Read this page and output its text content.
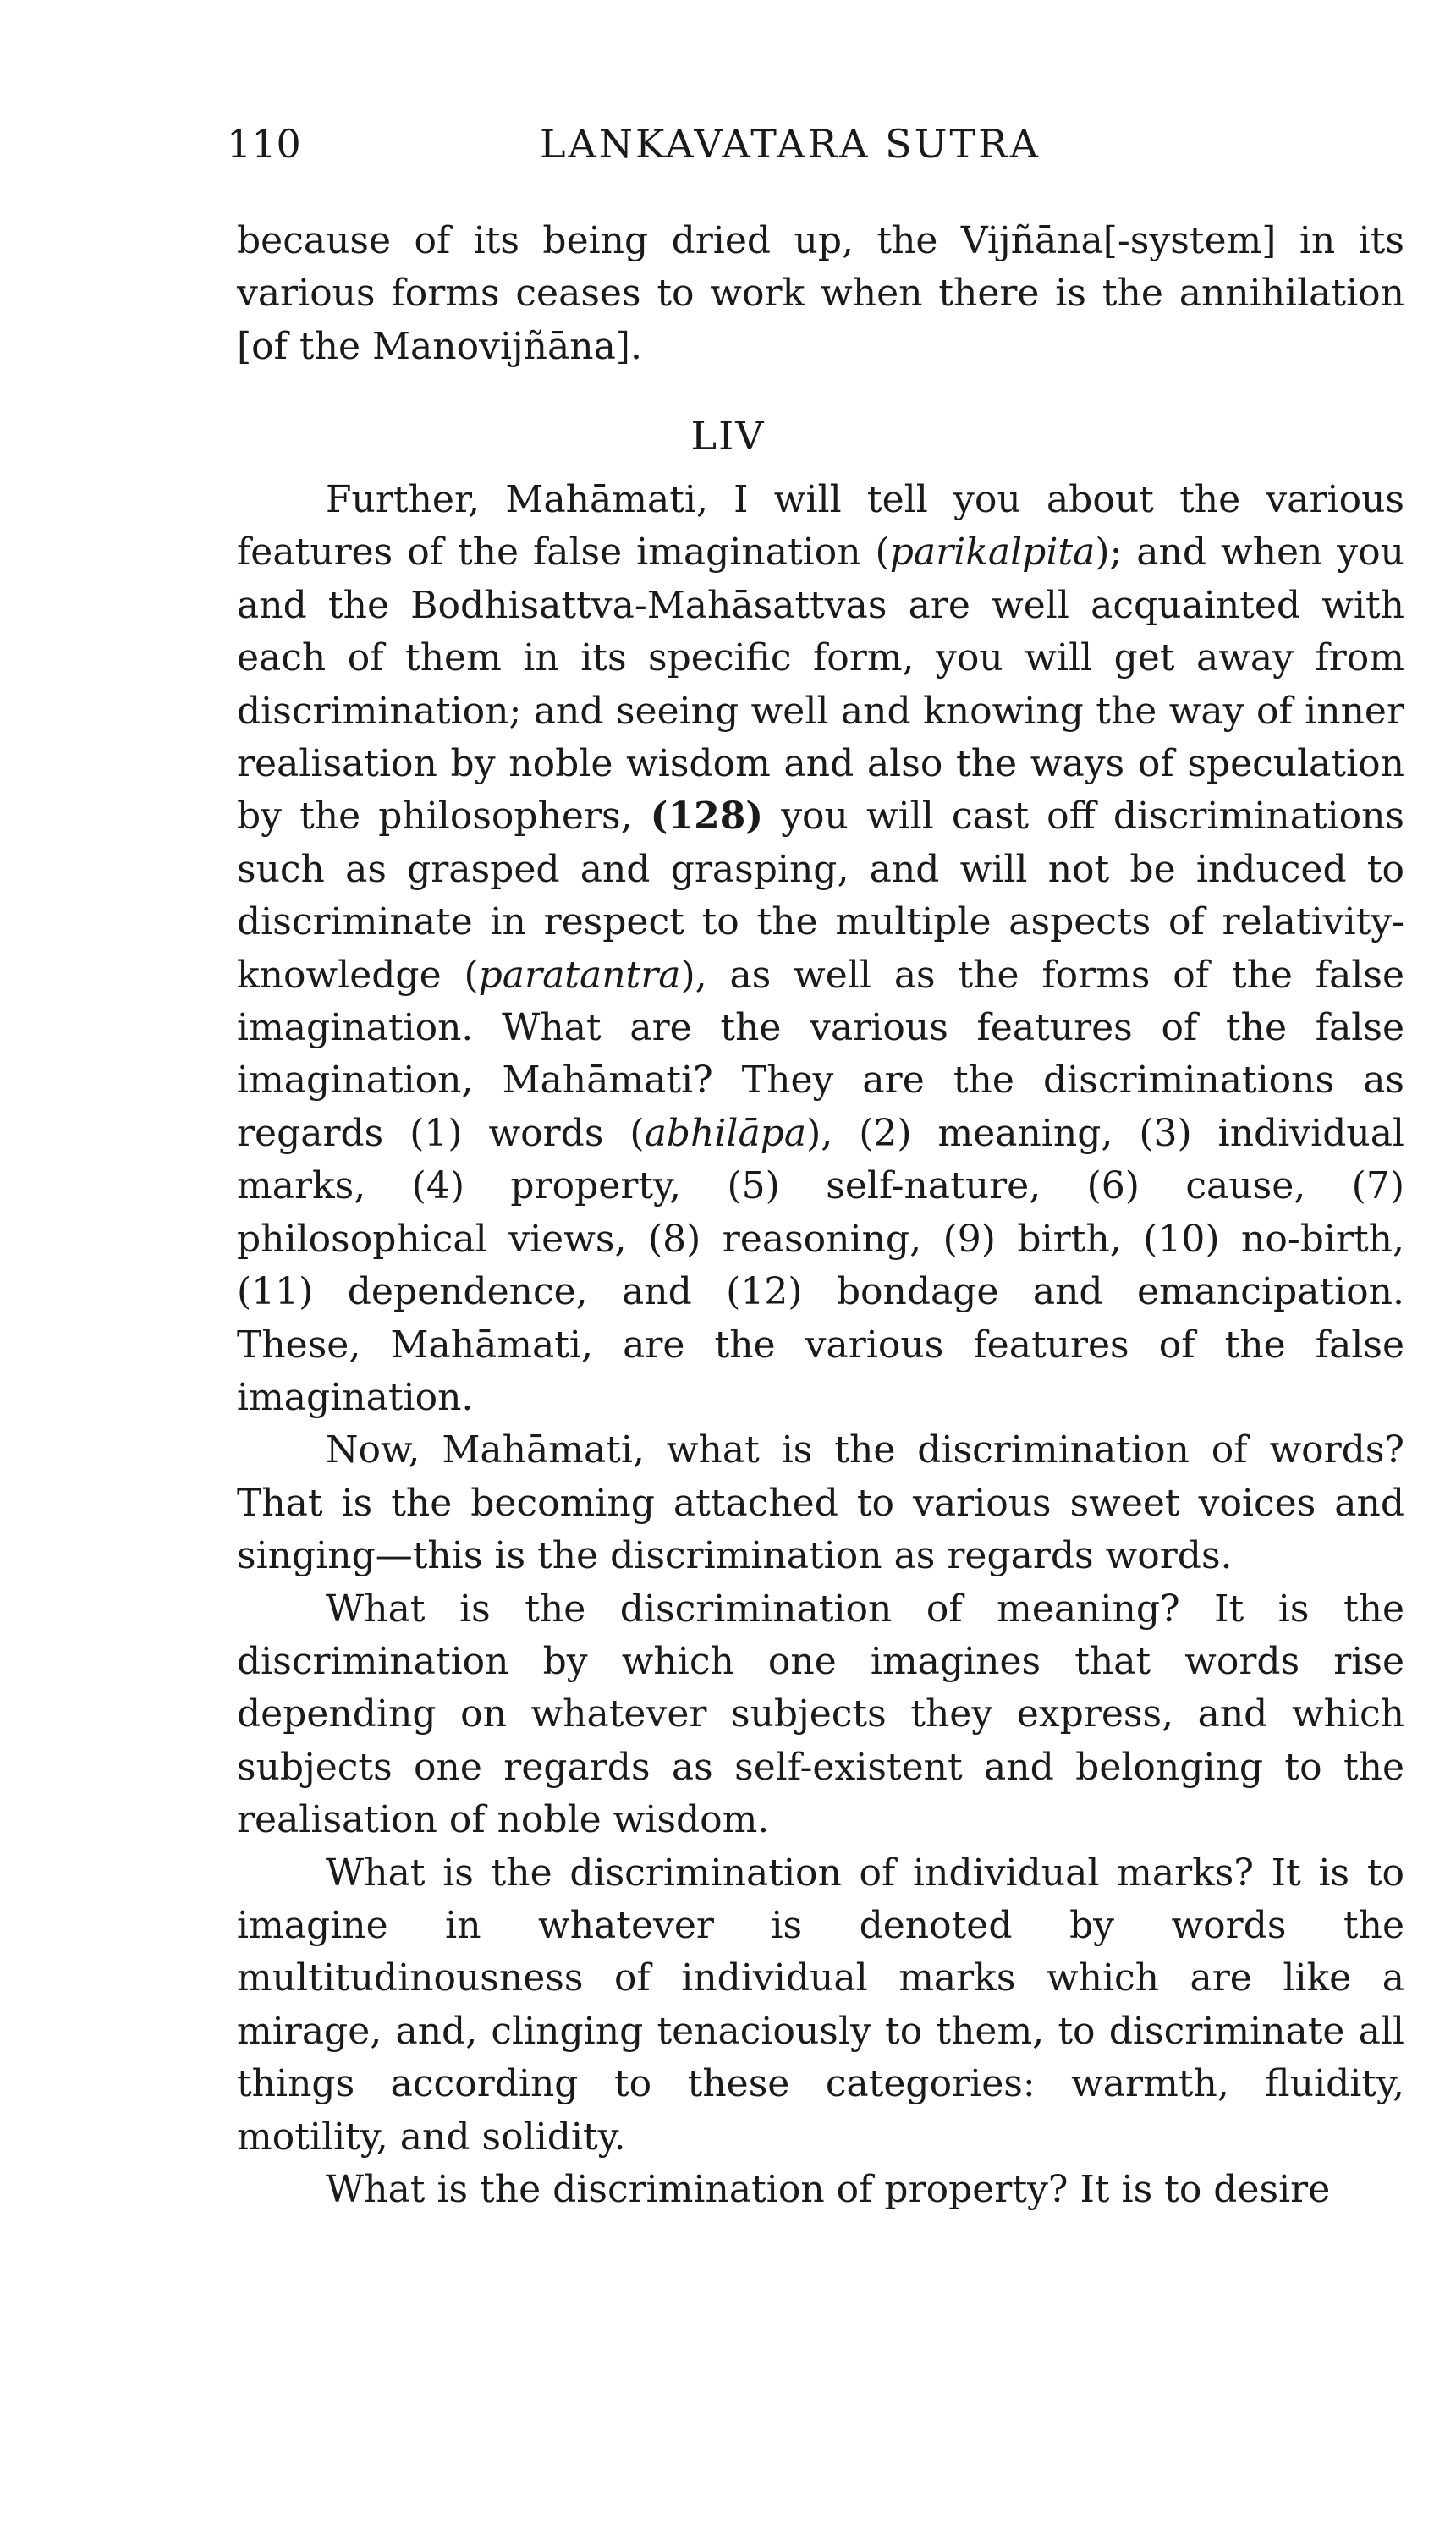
110	LANKAVATARA SUTRA

because of its being dried up, the Vijñāna[-system] in its various forms ceases to work when there is the annihilation [of the Manovijñāna].

LIV

Further, Mahāmati, I will tell you about the various features of the false imagination (parikalpita); and when you and the Bodhisattva-Mahāsattvas are well acquainted with each of them in its specific form, you will get away from discrimination; and seeing well and knowing the way of inner realisation by noble wisdom and also the ways of speculation by the philosophers, (128) you will cast off discriminations such as grasped and grasping, and will not be induced to discriminate in respect to the multiple aspects of relativity-knowledge (paratantra), as well as the forms of the false imagination. What are the various features of the false imagination, Mahāmati? They are the discriminations as regards (1) words (abhilāpa), (2) meaning, (3) individual marks, (4) property, (5) self-nature, (6) cause, (7) philosophical views, (8) reasoning, (9) birth, (10) no-birth, (11) dependence, and (12) bondage and emancipation. These, Mahāmati, are the various features of the false imagination.

Now, Mahāmati, what is the discrimination of words? That is the becoming attached to various sweet voices and singing—this is the discrimination as regards words.

What is the discrimination of meaning? It is the discrimination by which one imagines that words rise depending on whatever subjects they express, and which subjects one regards as self-existent and belonging to the realisation of noble wisdom.

What is the discrimination of individual marks? It is to imagine in whatever is denoted by words the multitudinousness of individual marks which are like a mirage, and, clinging tenaciously to them, to discriminate all things according to these categories: warmth, fluidity, motility, and solidity.

What is the discrimination of property? It is to desire
